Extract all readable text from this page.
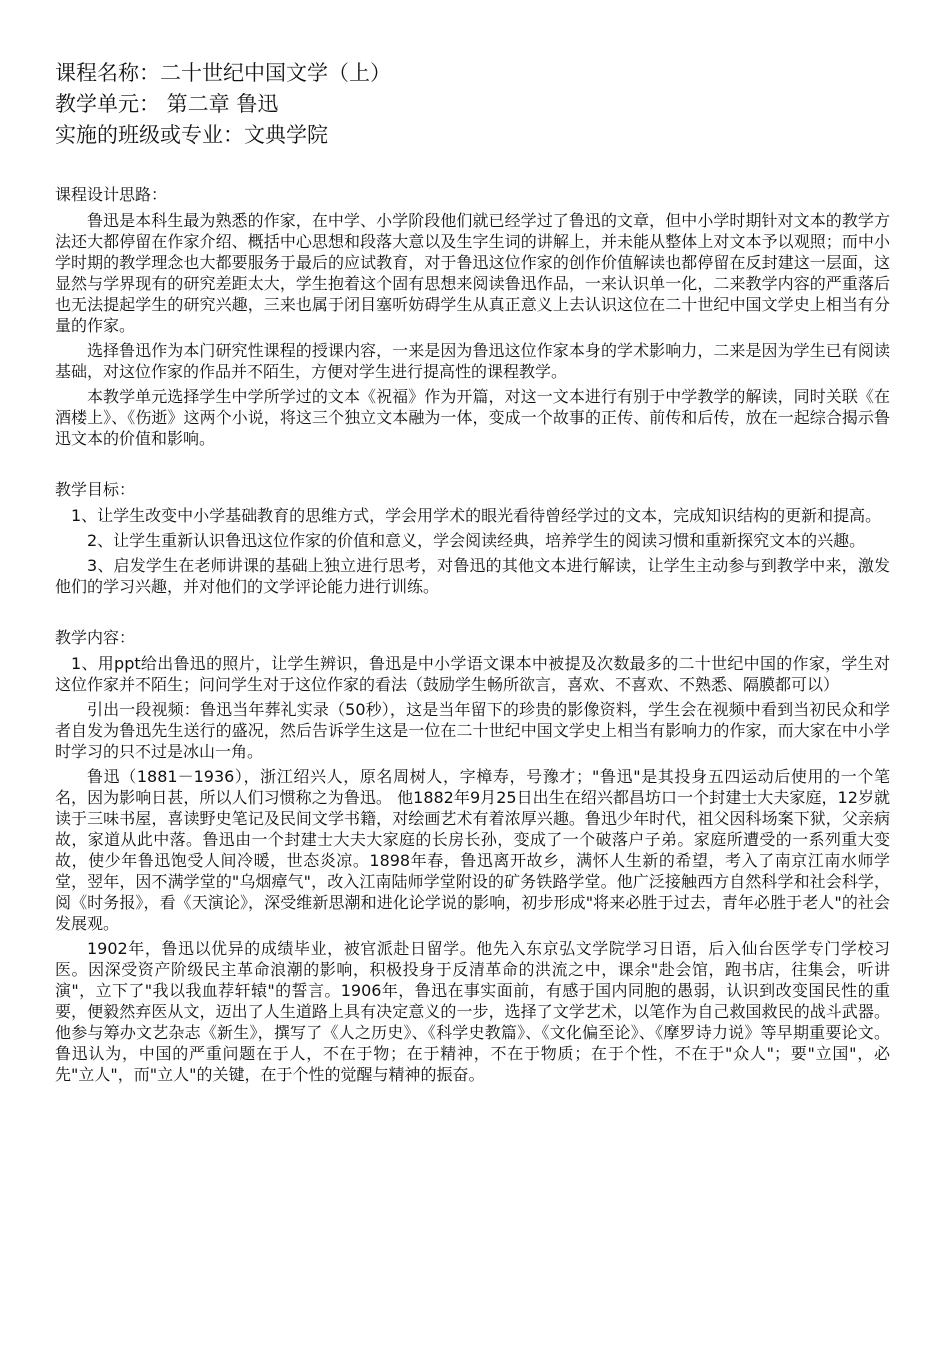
课程名称：二十世纪中国文学（上）

教学单元： 第二章 鲁迅

实施的班级或专业：文典学院

课程设计思路：

鲁迅是本科生最为熟悉的作家，在中学、小学阶段他们就已经学过了鲁迅的文章，但中小学时期针对文本的教学方法还大都停留在作家介绍、概括中心思想和段落大意以及生字生词的讲解上，并未能从整体上对文本予以观照；而中小学时期的教学理念也大都要服务于最后的应试教育，对于鲁迅这位作家的创作价值解读也都停留在反封建这一层面，这显然与学界现有的研究差距太大，学生抱着这个固有思想来阅读鲁迅作品，一来认识单一化，二来教学内容的严重落后也无法提起学生的研究兴趣，三来也属于闭目塞听妨碍学生从真正意义上去认识这位在二十世纪中国文学史上相当有分量的作家。

选择鲁迅作为本门研究性课程的授课内容，一来是因为鲁迅这位作家本身的学术影响力，二来是因为学生已有阅读基础，对这位作家的作品并不陌生，方便对学生进行提高性的课程教学。

本教学单元选择学生中学所学过的文本《祝福》作为开篇，对这一文本进行有别于中学教学的解读，同时关联《在酒楼上》、《伤逝》这两个小说，将这三个独立文本融为一体，变成一个故事的正传、前传和后传，放在一起综合揭示鲁迅文本的价值和影响。

教学目标：

1、让学生改变中小学基础教育的思维方式，学会用学术的眼光看待曾经学过的文本，完成知识结构的更新和提高。

2、让学生重新认识鲁迅这位作家的价值和意义，学会阅读经典，培养学生的阅读习惯和重新探究文本的兴趣。

3、启发学生在老师讲课的基础上独立进行思考，对鲁迅的其他文本进行解读，让学生主动参与到教学中来，激发他们的学习兴趣，并对他们的文学评论能力进行训练。

教学内容：

1、用ppt给出鲁迅的照片，让学生辨识，鲁迅是中小学语文课本中被提及次数最多的二十世纪中国的作家，学生对这位作家并不陌生；问问学生对于这位作家的看法（鼓励学生畅所欲言，喜欢、不喜欢、不熟悉、隔膜都可以）

引出一段视频：鲁迅当年葬礼实录（50秒），这是当年留下的珍贵的影像资料，学生会在视频中看到当初民众和学者自发为鲁迅先生送行的盛况，然后告诉学生这是一位在二十世纪中国文学史上相当有影响力的作家，而大家在中小学时学习的只不过是冰山一角。

鲁迅（1881－1936），浙江绍兴人，原名周树人，字樟寿，号豫才；"鲁迅"是其投身五四运动后使用的一个笔名，因为影响日甚，所以人们习惯称之为鲁迅。 他1882年9月25日出生在绍兴都昌坊口一个封建士大夫家庭，12岁就读于三味书屋，喜读野史笔记及民间文学书籍，对绘画艺术有着浓厚兴趣。鲁迅少年时代，祖父因科场案下狱，父亲病故，家道从此中落。鲁迅由一个封建士大夫大家庭的长房长孙，变成了一个破落户子弟。家庭所遭受的一系列重大变故，使少年鲁迅饱受人间冷暖，世态炎凉。1898年春，鲁迅离开故乡，满怀人生新的希望，考入了南京江南水师学堂，翌年，因不满学堂的"乌烟瘴气"，改入江南陆师学堂附设的矿务铁路学堂。他广泛接触西方自然科学和社会科学，阅《时务报》，看《天演论》，深受维新思潮和进化论学说的影响，初步形成"将来必胜于过去，青年必胜于老人"的社会发展观。

1902年，鲁迅以优异的成绩毕业，被官派赴日留学。他先入东京弘文学院学习日语，后入仙台医学专门学校习医。因深受资产阶级民主革命浪潮的影响，积极投身于反清革命的洪流之中，课余"赴会馆，跑书店，往集会，听讲演"，立下了"我以我血荐轩辕"的誓言。1906年，鲁迅在事实面前，有感于国内同胞的愚弱，认识到改变国民性的重要，便毅然弃医从文，迈出了人生道路上具有决定意义的一步，选择了文学艺术，以笔作为自己救国救民的战斗武器。他参与筹办文艺杂志《新生》，撰写了《人之历史》、《科学史教篇》、《文化偏至论》、《摩罗诗力说》等早期重要论文。鲁迅认为，中国的严重问题在于人，不在于物；在于精神，不在于物质；在于个性，不在于"众人"；要"立国"，必先"立人"，而"立人"的关键，在于个性的觉醒与精神的振奋。
